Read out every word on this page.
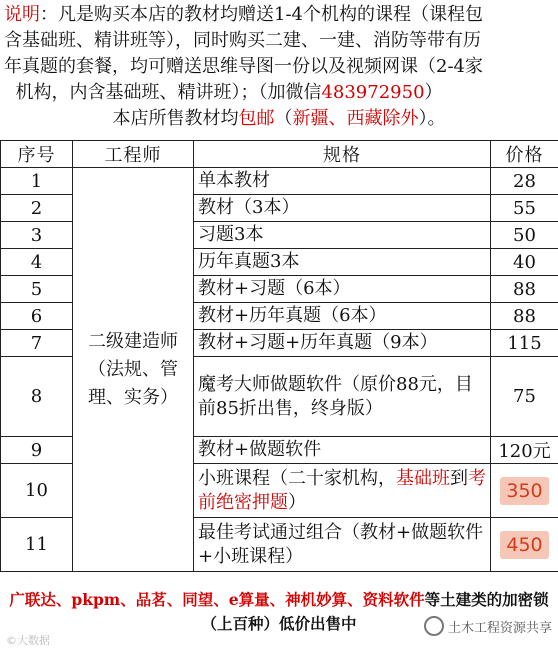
说明：凡是购买本店的教材均赠送1-4个机构的课程（课程包
含基础班、精讲班等），同时购买二建、一建、消防等带有历
年真题的套餐，均可赠送思维导图一份以及视频网课（2-4家
机构，内含基础班、精讲班）；（加微信483972950）
本店所售教材均包邮（新疆、西藏除外）。
序号	工程师	规格	价格
1	二级建造师
（法规、管
理、实务）	单本教材	28
2		教材（3本）	55
3		习题3本	50
4		历年真题3本	40
5		教材+习题（6本）	88
6		教材+历年真题（6本）	88
7		教材+习题+历年真题（9本）	115
8		魔考大师做题软件（原价88元，目前85折出售，终身版）	75
9		教材+做题软件	120元
10		小班课程（二十家机构，基础班到考前绝密押题）	350
11		最佳考试通过组合（教材+做题软件+小班课程）	450
广联达、pkpm、品茗、同望、e算量、神机妙算、资料软件等土建类的加密锁（上百种）低价出售中
©大数据
土木工程资源共享
